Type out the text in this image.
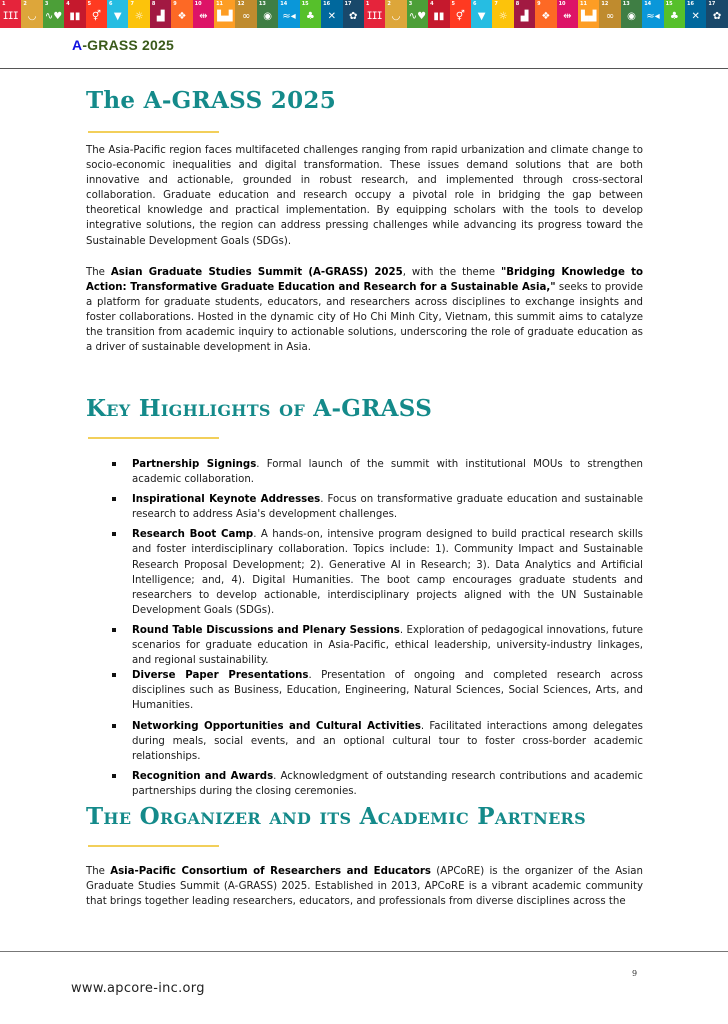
1
ⵊⵊⵊ
2
◡
3
∿♥
4
▮▮
5
⚥
6
▼
7
☼
8
▟
9
❖
10
⇹
11
▙▟
12
∞
13
◉
14
≈◂
15
♣
16
✕
17
✿
1
ⵊⵊⵊ
2
◡
3
∿♥
4
▮▮
5
⚥
6
▼
7
☼
8
▟
9
❖
10
⇹
11
▙▟
12
∞
13
◉
14
≈◂
15
♣
16
✕
17
✿
A-GRASS 2025
The A-GRASS 2025

The Asia-Pacific region faces multifaceted challenges ranging from rapid urbanization and climate change to socio-economic inequalities and digital transformation. These issues demand solutions that are both innovative and actionable, grounded in robust research, and implemented through cross-sectoral collaboration. Graduate education and research occupy a pivotal role in bridging the gap between theoretical knowledge and practical implementation. By equipping scholars with the tools to develop integrative solutions, the region can address pressing challenges while advancing its progress toward the Sustainable Development Goals (SDGs).

The Asian Graduate Studies Summit (A-GRASS) 2025, with the theme "Bridging Knowledge to Action: Transformative Graduate Education and Research for a Sustainable Asia," seeks to provide a platform for graduate students, educators, and researchers across disciplines to exchange insights and foster collaborations. Hosted in the dynamic city of Ho Chi Minh City, Vietnam, this summit aims to catalyze the transition from academic inquiry to actionable solutions, underscoring the role of graduate education as a driver of sustainable development in Asia.

Key Highlights of A-GRASS
Partnership Signings. Formal launch of the summit with institutional MOUs to strengthen academic collaboration.
Inspirational Keynote Addresses. Focus on transformative graduate education and sustainable research to address Asia's development challenges.
Research Boot Camp. A hands-on, intensive program designed to build practical research skills and foster interdisciplinary collaboration. Topics include: 1). Community Impact and Sustainable Research Proposal Development; 2). Generative AI in Research; 3). Data Analytics and Artificial Intelligence; and, 4). Digital Humanities. The boot camp encourages graduate students and researchers to develop actionable, interdisciplinary projects aligned with the UN Sustainable Development Goals (SDGs).
Round Table Discussions and Plenary Sessions. Exploration of pedagogical innovations, future scenarios for graduate education in Asia-Pacific, ethical leadership, university-industry linkages, and regional sustainability.
Diverse Paper Presentations. Presentation of ongoing and completed research across disciplines such as Business, Education, Engineering, Natural Sciences, Social Sciences, Arts, and Humanities.
Networking Opportunities and Cultural Activities. Facilitated interactions among delegates during meals, social events, and an optional cultural tour to foster cross-border academic relationships.
Recognition and Awards. Acknowledgment of outstanding research contributions and academic partnerships during the closing ceremonies.
The Organizer and its Academic Partners

The Asia-Pacific Consortium of Researchers and Educators (APCoRE) is the organizer of the Asian Graduate Studies Summit (A-GRASS) 2025. Established in 2013, APCoRE is a vibrant academic community that brings together leading researchers, educators, and professionals from diverse disciplines across the

9
www.apcore-inc.org
